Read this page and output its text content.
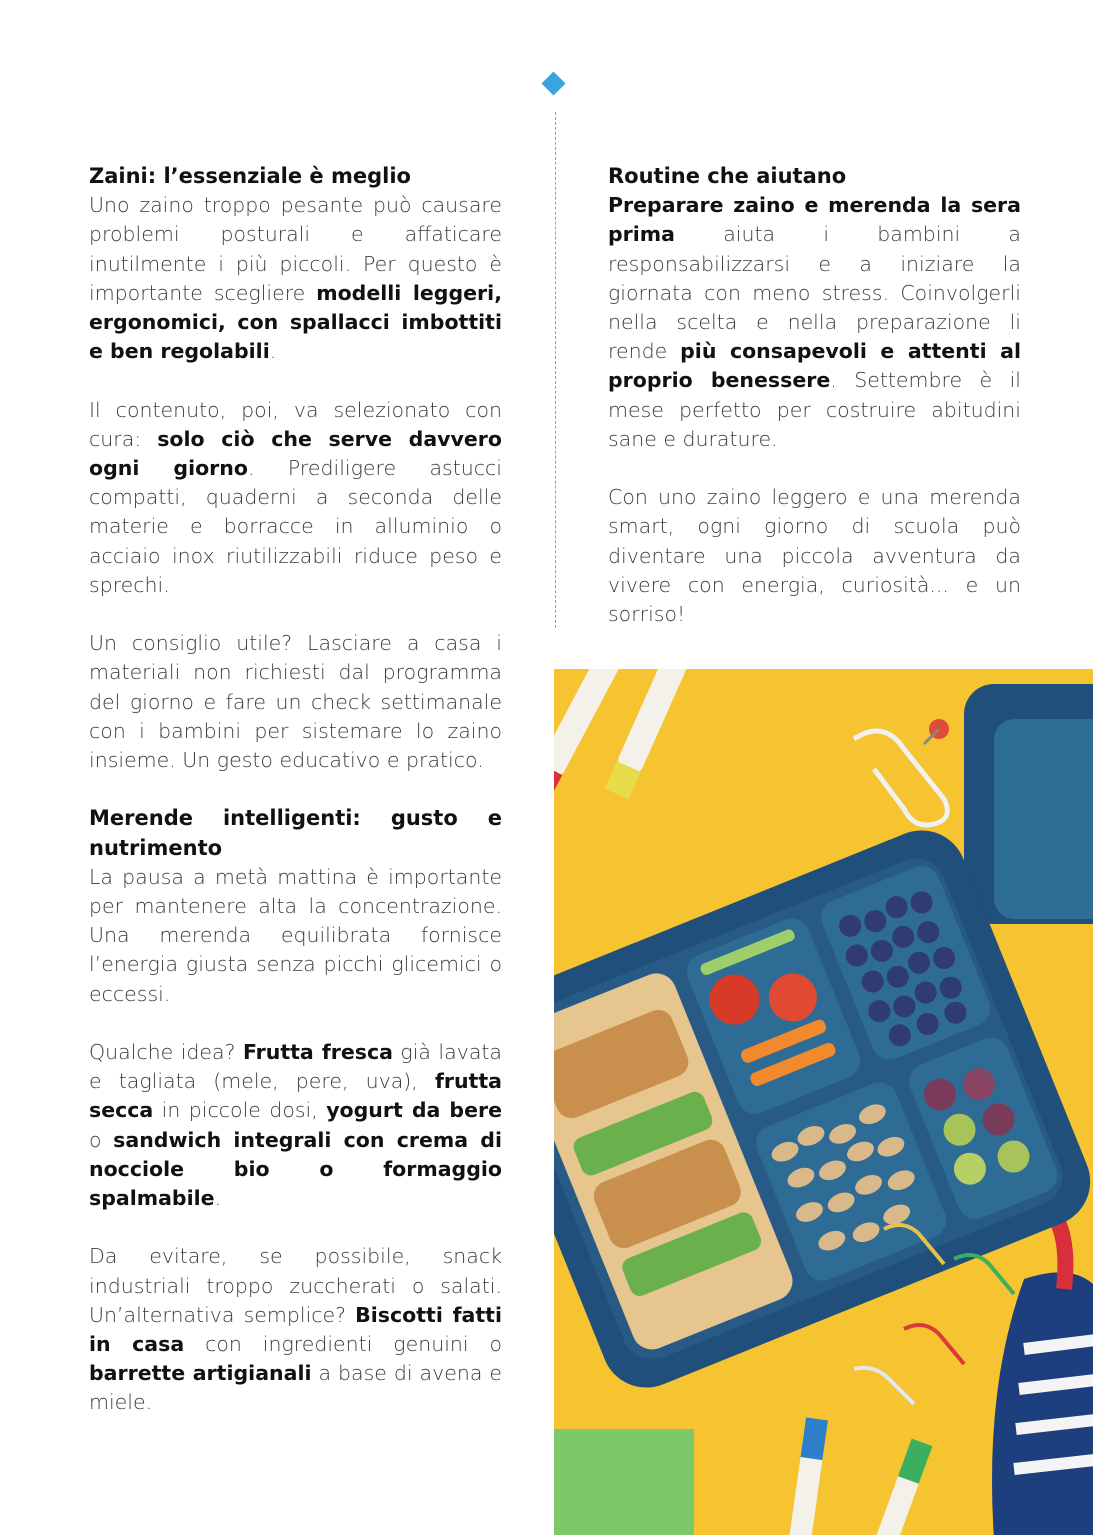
Zaini: l’essenziale è meglio

Uno zaino troppo pesante può causare problemi posturali e affaticare inutilmente i più piccoli. Per questo è importante scegliere modelli leggeri, ergonomici, con spallacci imbottiti e ben regolabili.

Il contenuto, poi, va selezionato con cura: solo ciò che serve davvero ogni giorno. Prediligere astucci compatti, quaderni a seconda delle materie e borracce in alluminio o acciaio inox riutilizzabili riduce peso e sprechi.

Un consiglio utile? Lasciare a casa i materiali non richiesti dal programma del giorno e fare un check settimanale con i bambini per sistemare lo zaino insieme. Un gesto educativo e pratico.

Merende intelligenti: gusto e nutrimento

La pausa a metà mattina è importante per mantenere alta la concentrazione. Una merenda equilibrata fornisce l’energia giusta senza picchi glicemici o eccessi.

Qualche idea? Frutta fresca già lavata e tagliata (mele, pere, uva), frutta secca in piccole dosi, yogurt da bere o sandwich integrali con crema di nocciole bio o formaggio spalmabile.

Da evitare, se possibile, snack industriali troppo zuccherati o salati. Un’alternativa semplice? Biscotti fatti in casa con ingredienti genuini o barrette artigianali a base di avena e miele.

Routine che aiutano

Preparare zaino e merenda la sera prima aiuta i bambini a responsabilizzarsi e a iniziare la giornata con meno stress. Coinvolgerli nella scelta e nella preparazione li rende più consapevoli e attenti al proprio benessere. Settembre è il mese perfetto per costruire abitudini sane e durature.

Con uno zaino leggero e una merenda smart, ogni giorno di scuola può diventare una piccola avventura da vivere con energia, curiosità... e un sorriso!
